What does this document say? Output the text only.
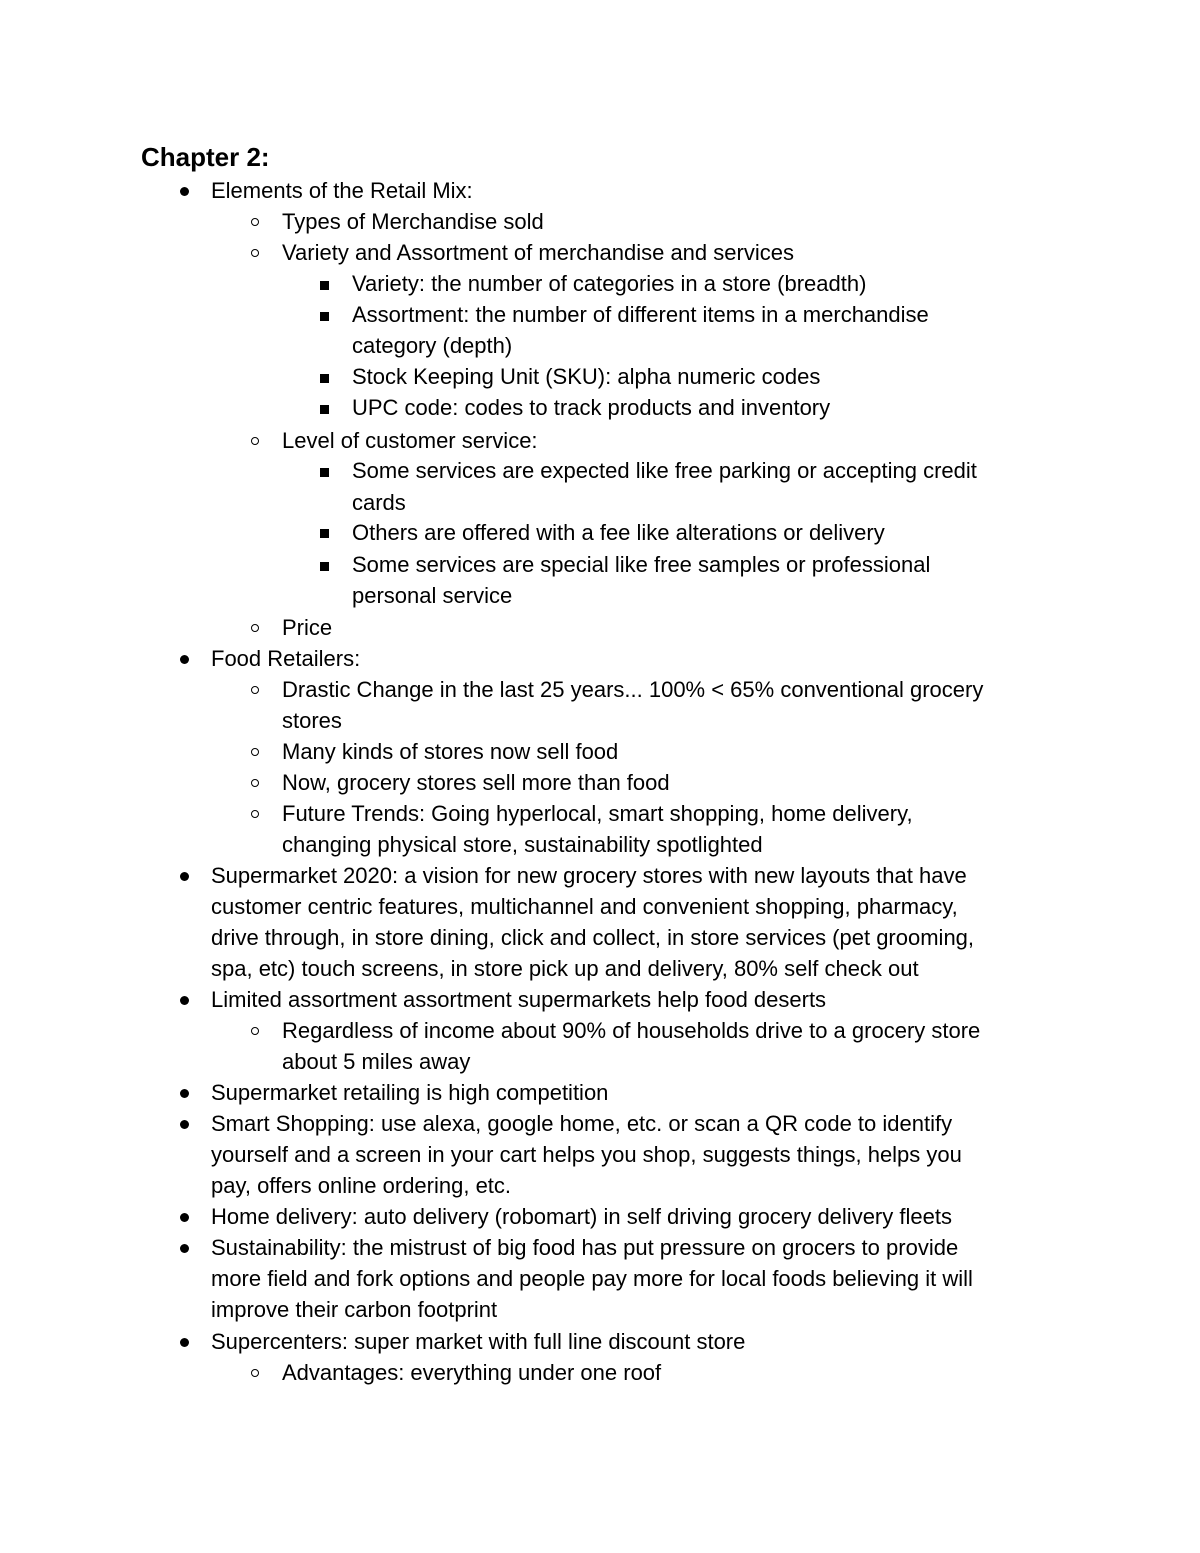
Chapter 2:
Elements of the Retail Mix:
Types of Merchandise sold
Variety and Assortment of merchandise and services
Variety: the number of categories in a store (breadth)
Assortment: the number of different items in a merchandise
category (depth)
Stock Keeping Unit (SKU): alpha numeric codes
UPC code: codes to track products and inventory
Level of customer service:
Some services are expected like free parking or accepting credit
cards
Others are offered with a fee like alterations or delivery
Some services are special like free samples or professional
personal service
Price
Food Retailers:
Drastic Change in the last 25 years... 100% < 65% conventional grocery
stores
Many kinds of stores now sell food
Now, grocery stores sell more than food
Future Trends: Going hyperlocal, smart shopping, home delivery,
changing physical store, sustainability spotlighted
Supermarket 2020: a vision for new grocery stores with new layouts that have
customer centric features, multichannel and convenient shopping, pharmacy,
drive through, in store dining, click and collect, in store services (pet grooming,
spa, etc) touch screens, in store pick up and delivery, 80% self check out
Limited assortment assortment supermarkets help food deserts
Regardless of income about 90% of households drive to a grocery store
about 5 miles away
Supermarket retailing is high competition
Smart Shopping: use alexa, google home, etc. or scan a QR code to identify
yourself and a screen in your cart helps you shop, suggests things, helps you
pay, offers online ordering, etc.
Home delivery: auto delivery (robomart) in self driving grocery delivery fleets
Sustainability: the mistrust of big food has put pressure on grocers to provide
more field and fork options and people pay more for local foods believing it will
improve their carbon footprint
Supercenters: super market with full line discount store
Advantages: everything under one roof
